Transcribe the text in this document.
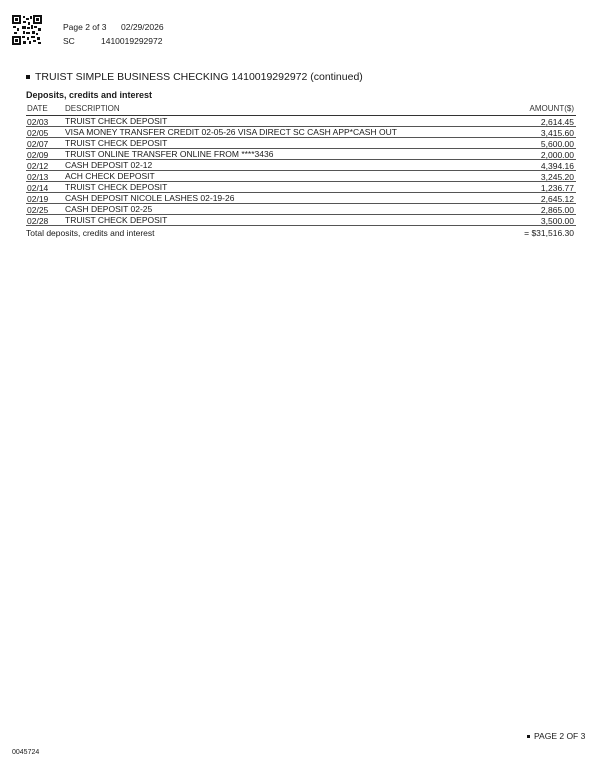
Page 2 of 3 02/29/2026
SC	1410019292972
TRUIST SIMPLE BUSINESS CHECKING 1410019292972 (continued)
Deposits, credits and interest
DATE DESCRIPTION	AMOUNT($)
02/03 TRUIST CHECK DEPOSIT	2,614.45
02/05 VISA MONEY TRANSFER CREDIT 02-05-26 VISA DIRECT SC CASH APP*CASH OUT	3,415.60
02/07 TRUIST CHECK DEPOSIT	5,600.00
02/09 TRUIST ONLINE TRANSFER ONLINE FROM ****3436	2,000.00
02/12 CASH DEPOSIT 02-12	4,394.16
02/13 ACH CHECK DEPOSIT	3,245.20
02/14 TRUIST CHECK DEPOSIT	1,236.77
02/19 CASH DEPOSIT NICOLE LASHES 02-19-26	2,645.12
02/25 CASH DEPOSIT 02-25	2,865.00
02/28 TRUIST CHECK DEPOSIT	3,500.00
Total deposits, credits and interest	= $31,516.30
PAGE 2 OF 3
0045724
